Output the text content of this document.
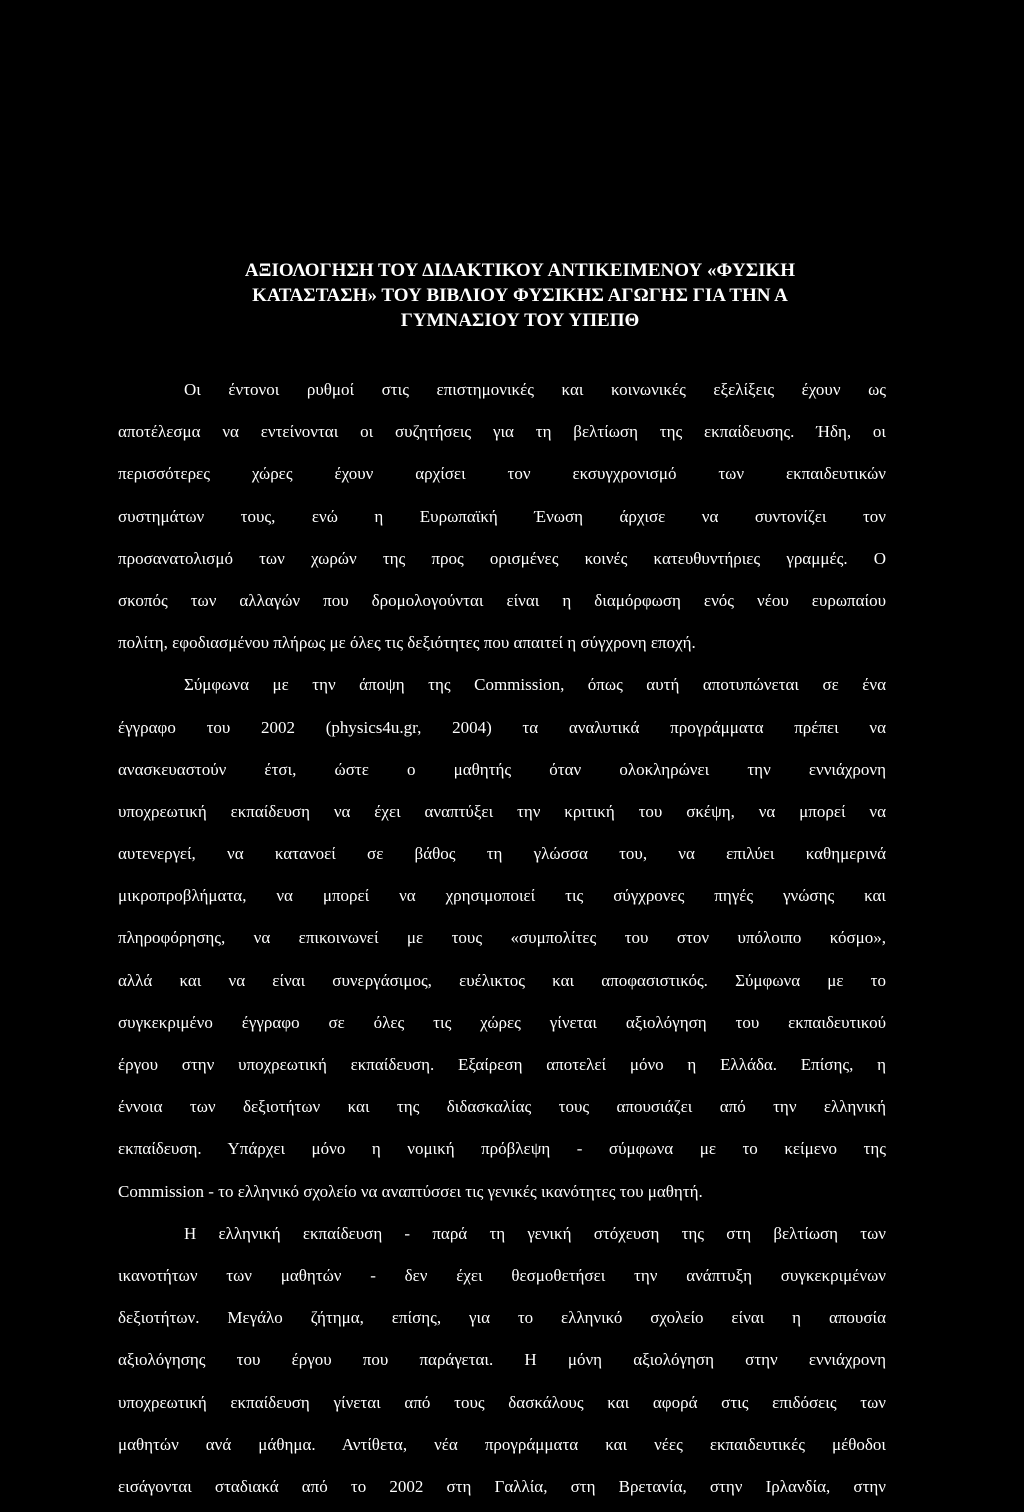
ΑΞΙΟΛΟΓΗΣΗ ΤΟΥ ΔΙΔΑΚΤΙΚΟΥ ΑΝΤΙΚΕΙΜΕΝΟΥ «ΦΥΣΙΚΗ
ΚΑΤΑΣΤΑΣΗ» ΤΟΥ ΒΙΒΛΙΟΥ ΦΥΣΙΚΗΣ ΑΓΩΓΗΣ ΓΙΑ ΤΗΝ Α
ΓΥΜΝΑΣΙΟΥ ΤΟΥ ΥΠΕΠΘ
Οι έντονοι ρυθμοί στις επιστημονικές και κοινωνικές εξελίξεις έχουν ως
αποτέλεσμα να εντείνονται οι συζητήσεις για τη βελτίωση της εκπαίδευσης. Ήδη, οι
περισσότερες χώρες έχουν αρχίσει τον εκσυγχρονισμό των εκπαιδευτικών
συστημάτων τους, ενώ η Ευρωπαϊκή Ένωση άρχισε να συντονίζει τον
προσανατολισμό των χωρών της προς ορισμένες κοινές κατευθυντήριες γραμμές. Ο
σκοπός των αλλαγών που δρομολογούνται είναι η διαμόρφωση ενός νέου ευρωπαίου
πολίτη, εφοδιασμένου πλήρως με όλες τις δεξιότητες που απαιτεί η σύγχρονη εποχή.
Σύμφωνα με την άποψη της Commission, όπως αυτή αποτυπώνεται σε ένα
έγγραφο του 2002 (physics4u.gr, 2004) τα αναλυτικά προγράμματα πρέπει να
ανασκευαστούν έτσι, ώστε ο μαθητής όταν ολοκληρώνει την εννιάχρονη
υποχρεωτική εκπαίδευση να έχει αναπτύξει την κριτική του σκέψη, να μπορεί να
αυτενεργεί, να κατανοεί σε βάθος τη γλώσσα του, να επιλύει καθημερινά
μικροπροβλήματα, να μπορεί να χρησιμοποιεί τις σύγχρονες πηγές γνώσης και
πληροφόρησης, να επικοινωνεί με τους «συμπολίτες του στον υπόλοιπο κόσμο»,
αλλά και να είναι συνεργάσιμος, ευέλικτος και αποφασιστικός. Σύμφωνα με το
συγκεκριμένο έγγραφο σε όλες τις χώρες γίνεται αξιολόγηση του εκπαιδευτικού
έργου στην υποχρεωτική εκπαίδευση. Εξαίρεση αποτελεί μόνο η Ελλάδα. Επίσης, η
έννοια των δεξιοτήτων και της διδασκαλίας τους απουσιάζει από την ελληνική
εκπαίδευση. Υπάρχει μόνο η νομική πρόβλεψη - σύμφωνα με το κείμενο της
Commission - το ελληνικό σχολείο να αναπτύσσει τις γενικές ικανότητες του μαθητή.
Η ελληνική εκπαίδευση - παρά τη γενική στόχευση της στη βελτίωση των
ικανοτήτων των μαθητών - δεν έχει θεσμοθετήσει την ανάπτυξη συγκεκριμένων
δεξιοτήτων. Μεγάλο ζήτημα, επίσης, για το ελληνικό σχολείο είναι η απουσία
αξιολόγησης του έργου που παράγεται. Η μόνη αξιολόγηση στην εννιάχρονη
υποχρεωτική εκπαίδευση γίνεται από τους δασκάλους και αφορά στις επιδόσεις των
μαθητών ανά μάθημα. Αντίθετα, νέα προγράμματα και νέες εκπαιδευτικές μέθοδοι
εισάγονται σταδιακά από το 2002 στη Γαλλία, στη Βρετανία, στην Ιρλανδία, στην
